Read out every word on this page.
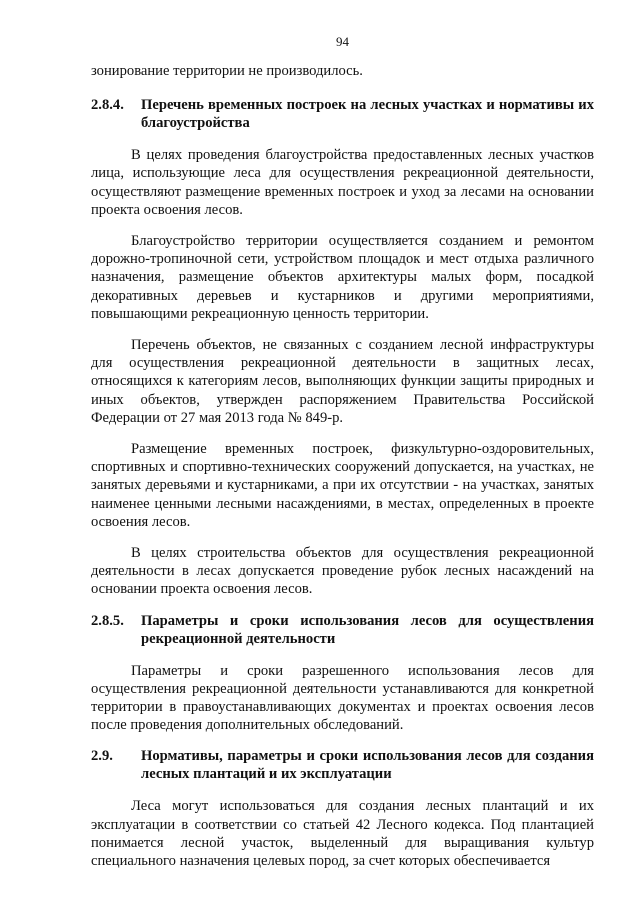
94

зонирование территории не производилось.

2.8.4.	Перечень временных построек на лесных участках и нормативы их благоустройства

В целях проведения благоустройства предоставленных лесных участков лица, использующие леса для осуществления рекреационной деятельности, осуществляют размещение временных построек и уход за лесами на основании проекта освоения лесов.

Благоустройство территории осуществляется созданием и ремонтом дорожно-тропиночной сети, устройством площадок и мест отдыха различного назначения, размещение объектов архитектуры малых форм, посадкой декоративных деревьев и кустарников и другими мероприятиями, повышающими рекреационную ценность территории.

Перечень объектов, не связанных с созданием лесной инфраструктуры для осуществления рекреационной деятельности в защитных лесах, относящихся к категориям лесов, выполняющих функции защиты природных и иных объектов, утвержден распоряжением Правительства Российской Федерации от 27 мая 2013 года № 849-р.

Размещение временных построек, физкультурно-оздоровительных, спортивных и спортивно-технических сооружений допускается, на участках, не занятых деревьями и кустарниками, а при их отсутствии - на участках, занятых наименее ценными лесными насаждениями, в местах, определенных в проекте освоения лесов.

В целях строительства объектов для осуществления рекреационной деятельности в лесах допускается проведение рубок лесных насаждений на основании проекта освоения лесов.

2.8.5.	Параметры и сроки использования лесов для осуществления рекреационной деятельности

Параметры и сроки разрешенного использования лесов для осуществления рекреационной деятельности устанавливаются для конкретной территории в правоустанавливающих документах и проектах освоения лесов после проведения дополнительных обследований.

2.9.	Нормативы, параметры и сроки использования лесов для создания лесных плантаций и их эксплуатации

Леса могут использоваться для создания лесных плантаций и их эксплуатации в соответствии со статьей 42 Лесного кодекса. Под плантацией понимается лесной участок, выделенный для выращивания культур специального назначения целевых пород, за счет которых обеспечивается
